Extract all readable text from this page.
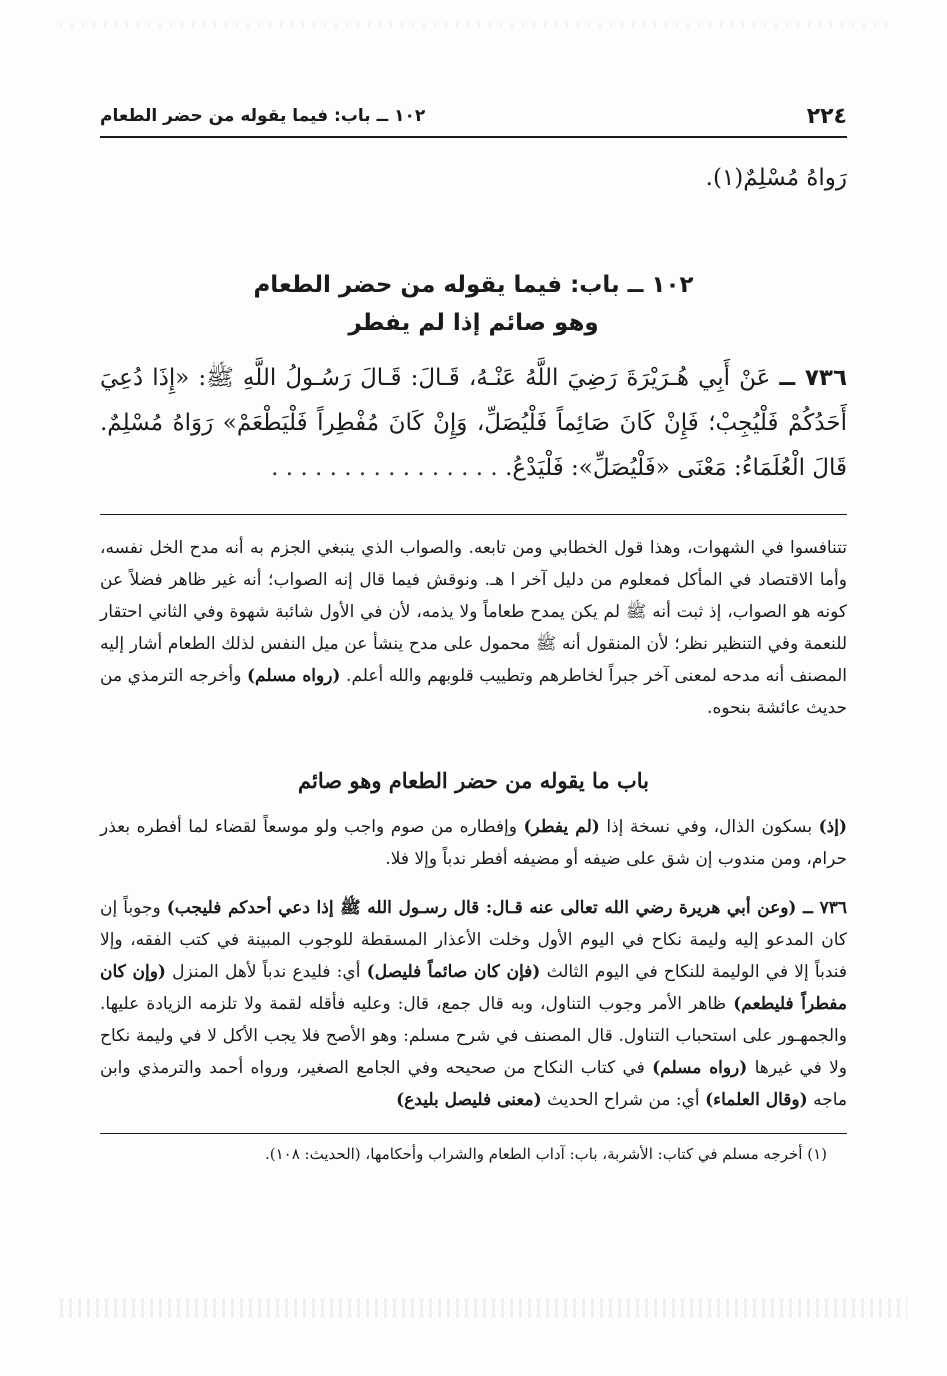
٢٢٤
١٠٢ ــ باب: فيما يقوله من حضر الطعام

رَواهُ مُسْلِمٌ(١).

١٠٢ ــ باب: فيما يقوله من حضر الطعام
وهو صائم إذا لم يفطر

٧٣٦ ــ عَنْ أَبِي هُـرَيْرَةَ رَضِيَ اللَّهُ عَنْـهُ، قَـالَ: قَـالَ رَسُـولُ اللَّهِ ﷺ: «إِذَا دُعِيَ أَحَدُكُمْ فَلْيُجِبْ؛ فَإِنْ كَانَ صَائِماً فَلْيُصَلِّ، وَإِنْ كَانَ مُفْطِراً فَلْيَطْعَمْ» رَوَاهُ مُسْلِمٌ. قَالَ الْعُلَمَاءُ: مَعْنَى «فَلْيُصَلِّ»: فَلْيَدْعُ. . . . . . . . . . . . . . . . .

تتنافسوا في الشهوات، وهذا قول الخطابي ومن تابعه. والصواب الذي ينبغي الجزم به أنه مدح الخل نفسه، وأما الاقتصاد في المأكل فمعلوم من دليل آخر ا هـ. ونوقش فيما قال إنه الصواب؛ أنه غير ظاهر فضلاً عن كونه هو الصواب، إذ ثبت أنه ﷺ لم يكن يمدح طعاماً ولا يذمه، لأن في الأول شائبة شهوة وفي الثاني احتقار للنعمة وفي التنظير نظر؛ لأن المنقول أنه ﷺ محمول على مدح ينشأ عن ميل النفس لذلك الطعام أشار إليه المصنف أنه مدحه لمعنى آخر جبراً لخاطرهم وتطييب قلوبهم والله أعلم. (رواه مسلم) وأخرجه الترمذي من حديث عائشة بنحوه.

باب ما يقوله من حضر الطعام وهو صائم

(إذ) بسكون الذال، وفي نسخة إذا (لم يفطر) وإفطاره من صوم واجب ولو موسعاً لقضاء لما أفطره بعذر حرام، ومن مندوب إن شق على ضيفه أو مضيفه أفطر ندباً وإلا فلا.

٧٣٦ ــ (وعن أبي هريرة رضي الله تعالى عنه قـال: قال رسـول الله ﷺ إذا دعي أحدكم فليجب) وجوباً إن كان المدعو إليه وليمة نكاح في اليوم الأول وخلت الأعذار المسقطة للوجوب المبينة في كتب الفقه، وإلا فندباً إلا في الوليمة للنكاح في اليوم الثالث (فإن كان صائماً فليصل) أي: فليدع ندباً لأهل المنزل (وإن كان مفطراً فليطعم) ظاهر الأمر وجوب التناول، وبه قال جمع، قال: وعليه فأقله لقمة ولا تلزمه الزيادة عليها. والجمهـور على استحباب التناول. قال المصنف في شرح مسلم: وهو الأصح فلا يجب الأكل لا في وليمة نكاح ولا في غيرها (رواه مسلم) في كتاب النكاح من صحيحه وفي الجامع الصغير، ورواه أحمد والترمذي وابن ماجه (وقال العلماء) أي: من شراح الحديث (معنى فليصل بليدع)

(١) أخرجه مسلم في كتاب: الأشربة، باب: آداب الطعام والشراب وأحكامها، (الحديث: ١٠٨).
